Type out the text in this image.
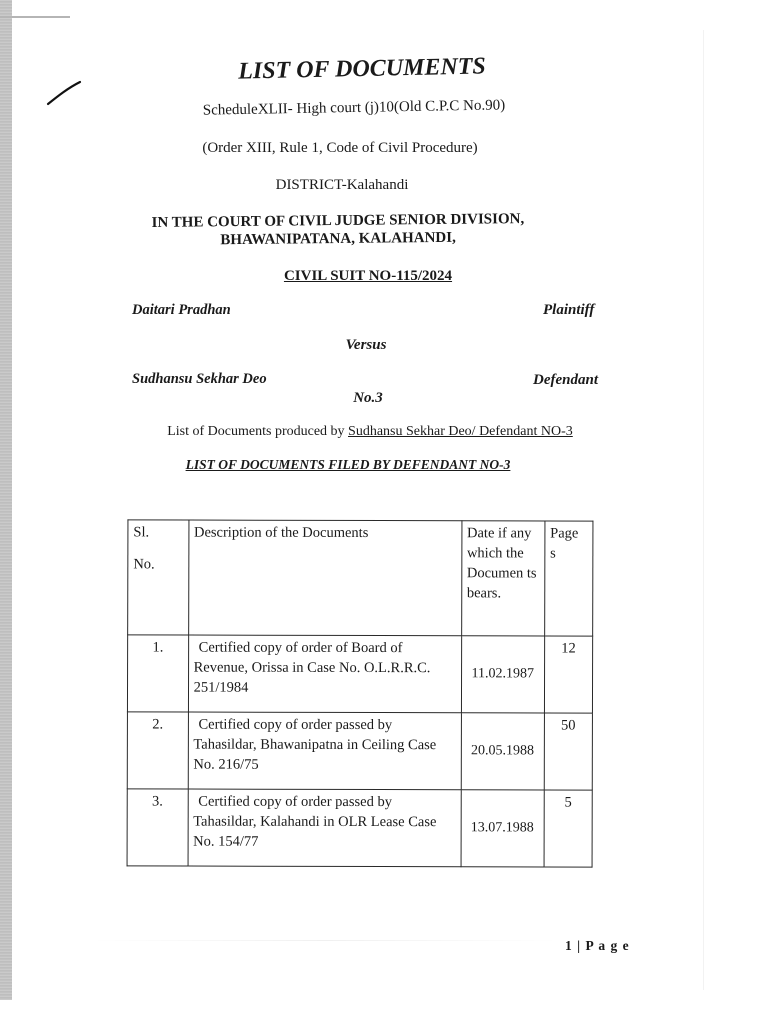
LIST OF DOCUMENTS
ScheduleXLII- High court (j)10(Old C.P.C No.90)
(Order XIII, Rule 1, Code of Civil Procedure)
DISTRICT-Kalahandi
IN THE COURT OF CIVIL JUDGE SENIOR DIVISION,
BHAWANIPATANA, KALAHANDI,
CIVIL SUIT NO-115/2024
Daitari Pradhan	Plaintiff
Versus
Sudhansu Sekhar Deo	Defendant
No.3
List of Documents produced by Sudhansu Sekhar Deo/ Defendant NO-3
LIST OF DOCUMENTS FILED BY DEFENDANT NO-3
Sl.
No.	Description of the Documents	Date if any which the Documen ts bears.	Page s
1.	Certified copy of order of Board of Revenue, Orissa in Case No. O.L.R.R.C. 251/1984	11.02.1987	12
2.	Certified copy of order passed by Tahasildar, Bhawanipatna in Ceiling Case No. 216/75	20.05.1988	50
3.	Certified copy of order passed by Tahasildar, Kalahandi in OLR Lease Case No. 154/77	13.07.1988	5
1 | P a g e
